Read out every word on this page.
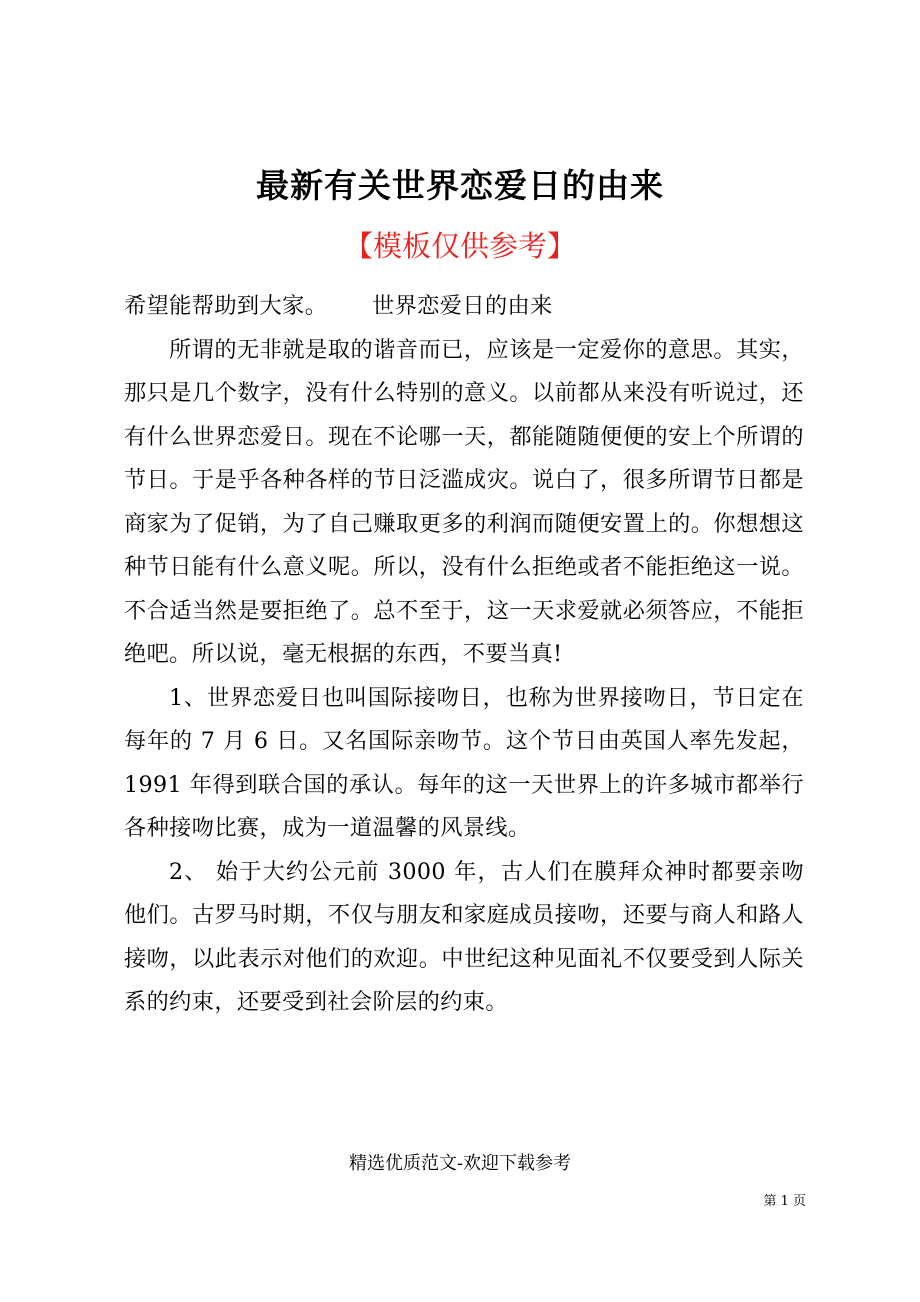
最新有关世界恋爱日的由来
【模板仅供参考】

希望能帮助到大家。      世界恋爱日的由来

所谓的无非就是取的谐音而已，应该是一定爱你的意思。其实，那只是几个数字，没有什么特别的意义。以前都从来没有听说过，还有什么世界恋爱日。现在不论哪一天，都能随随便便的安上个所谓的节日。于是乎各种各样的节日泛滥成灾。说白了，很多所谓节日都是商家为了促销，为了自己赚取更多的利润而随便安置上的。你想想这种节日能有什么意义呢。所以，没有什么拒绝或者不能拒绝这一说。不合适当然是要拒绝了。总不至于，这一天求爱就必须答应，不能拒绝吧。所以说，毫无根据的东西，不要当真!

1、世界恋爱日也叫国际接吻日，也称为世界接吻日，节日定在每年的 7 月 6 日。又名国际亲吻节。这个节日由英国人率先发起，1991 年得到联合国的承认。每年的这一天世界上的许多城市都举行各种接吻比赛，成为一道温馨的风景线。

2、 始于大约公元前 3000 年，古人们在膜拜众神时都要亲吻他们。古罗马时期，不仅与朋友和家庭成员接吻，还要与商人和路人接吻，以此表示对他们的欢迎。中世纪这种见面礼不仅要受到人际关系的约束，还要受到社会阶层的约束。

精选优质范文-欢迎下载参考
第 1 页
